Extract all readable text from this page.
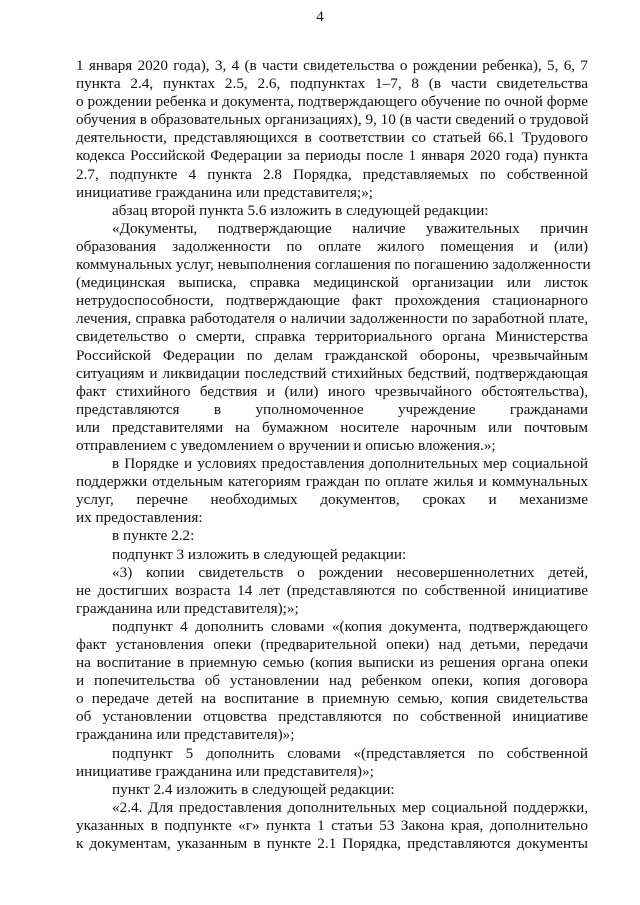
4
1 января 2020 года), 3, 4 (в части свидетельства о рождении ребенка), 5, 6, 7
пункта 2.4, пунктах 2.5, 2.6, подпунктах 1–7, 8 (в части свидетельства
о рождении ребенка и документа, подтверждающего обучение по очной форме
обучения в образовательных организациях), 9, 10 (в части сведений о трудовой
деятельности, представляющихся в соответствии со статьей 66.1 Трудового
кодекса Российской Федерации за периоды после 1 января 2020 года) пункта
2.7, подпункте 4 пункта 2.8 Порядка, представляемых по собственной
инициативе гражданина или представителя;»;
абзац второй пункта 5.6 изложить в следующей редакции:
«Документы, подтверждающие наличие уважительных причин
образования задолженности по оплате жилого помещения и (или)
коммунальных услуг, невыполнения соглашения по погашению задолженности
(медицинская выписка, справка медицинской организации или листок
нетрудоспособности, подтверждающие факт прохождения стационарного
лечения, справка работодателя о наличии задолженности по заработной плате,
свидетельство о смерти, справка территориального органа Министерства
Российской Федерации по делам гражданской обороны, чрезвычайным
ситуациям и ликвидации последствий стихийных бедствий, подтверждающая
факт стихийного бедствия и (или) иного чрезвычайного обстоятельства),
представляются в уполномоченное учреждение гражданами
или представителями на бумажном носителе нарочным или почтовым
отправлением с уведомлением о вручении и описью вложения.»;
в Порядке и условиях предоставления дополнительных мер социальной
поддержки отдельным категориям граждан по оплате жилья и коммунальных
услуг, перечне необходимых документов, сроках и механизме
их предоставления:
в пункте 2.2:
подпункт 3 изложить в следующей редакции:
«3) копии свидетельств о рождении несовершеннолетних детей,
не достигших возраста 14 лет (представляются по собственной инициативе
гражданина или представителя);»;
подпункт 4 дополнить словами «(копия документа, подтверждающего
факт установления опеки (предварительной опеки) над детьми, передачи
на воспитание в приемную семью (копия выписки из решения органа опеки
и попечительства об установлении над ребенком опеки, копия договора
о передаче детей на воспитание в приемную семью, копия свидетельства
об установлении отцовства представляются по собственной инициативе
гражданина или представителя)»;
подпункт 5 дополнить словами «(представляется по собственной
инициативе гражданина или представителя)»;
пункт 2.4 изложить в следующей редакции:
«2.4. Для предоставления дополнительных мер социальной поддержки,
указанных в подпункте «г» пункта 1 статьи 53 Закона края, дополнительно
к документам, указанным в пункте 2.1 Порядка, представляются документы
